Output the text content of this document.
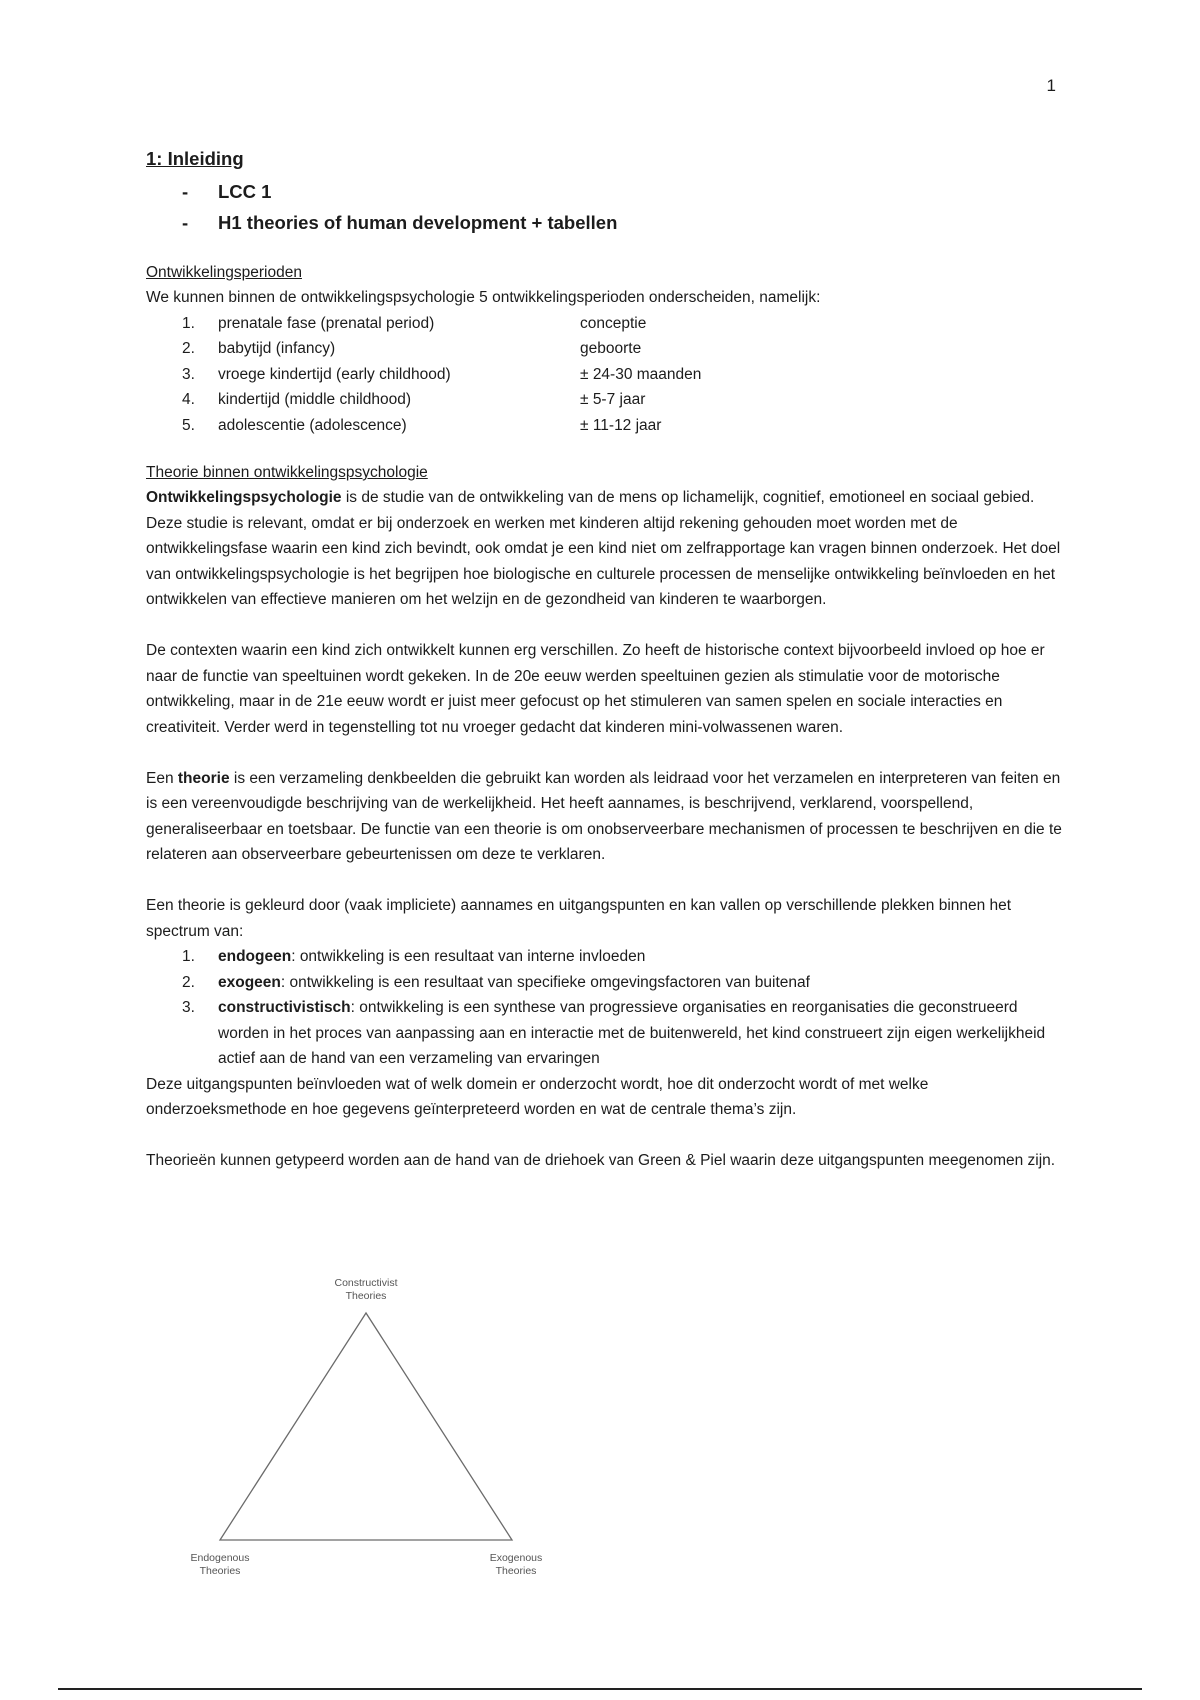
1
1: Inleiding
- LCC 1
- H1 theories of human development + tabellen
Ontwikkelingsperioden

We kunnen binnen de ontwikkelingspsychologie 5 ontwikkelingsperioden onderscheiden, namelijk:

1. prenatale fase (prenatal period)	conceptie
2. babytijd (infancy)	geboorte
3. vroege kindertijd (early childhood)	± 24-30 maanden
4. kindertijd (middle childhood)	± 5-7 jaar
5. adolescentie (adolescence)	± 11-12 jaar
Theorie binnen ontwikkelingspsychologie

Ontwikkelingspsychologie is de studie van de ontwikkeling van de mens op lichamelijk, cognitief, emotioneel en sociaal gebied. Deze studie is relevant, omdat er bij onderzoek en werken met kinderen altijd rekening gehouden moet worden met de ontwikkelingsfase waarin een kind zich bevindt, ook omdat je een kind niet om zelfrapportage kan vragen binnen onderzoek. Het doel van ontwikkelingspsychologie is het begrijpen hoe biologische en culturele processen de menselijke ontwikkeling beïnvloeden en het ontwikkelen van effectieve manieren om het welzijn en de gezondheid van kinderen te waarborgen.

De contexten waarin een kind zich ontwikkelt kunnen erg verschillen. Zo heeft de historische context bijvoorbeeld invloed op hoe er naar de functie van speeltuinen wordt gekeken. In de 20e eeuw werden speeltuinen gezien als stimulatie voor de motorische ontwikkeling, maar in de 21e eeuw wordt er juist meer gefocust op het stimuleren van samen spelen en sociale interacties en creativiteit. Verder werd in tegenstelling tot nu vroeger gedacht dat kinderen mini-volwassenen waren.

Een theorie is een verzameling denkbeelden die gebruikt kan worden als leidraad voor het verzamelen en interpreteren van feiten en is een vereenvoudigde beschrijving van de werkelijkheid. Het heeft aannames, is beschrijvend, verklarend, voorspellend, generaliseerbaar en toetsbaar. De functie van een theorie is om onobserveerbare mechanismen of processen te beschrijven en die te relateren aan observeerbare gebeurtenissen om deze te verklaren.

Een theorie is gekleurd door (vaak impliciete) aannames en uitgangspunten en kan vallen op verschillende plekken binnen het spectrum van:

1. endogeen: ontwikkeling is een resultaat van interne invloeden
2. exogeen: ontwikkeling is een resultaat van specifieke omgevingsfactoren van buitenaf
3. constructivistisch: ontwikkeling is een synthese van progressieve organisaties en reorganisaties die geconstrueerd worden in het proces van aanpassing aan en interactie met de buitenwereld, het kind construeert zijn eigen werkelijkheid actief aan de hand van een verzameling van ervaringen

Deze uitgangspunten beïnvloeden wat of welk domein er onderzocht wordt, hoe dit onderzocht wordt of met welke onderzoeksmethode en hoe gegevens geïnterpreteerd worden en wat de centrale thema’s zijn.

Theorieën kunnen getypeerd worden aan de hand van de driehoek van Green & Piel waarin deze uitgangspunten meegenomen zijn.

Constructivist
Theories
Endogenous
Theories
Exogenous
Theories
